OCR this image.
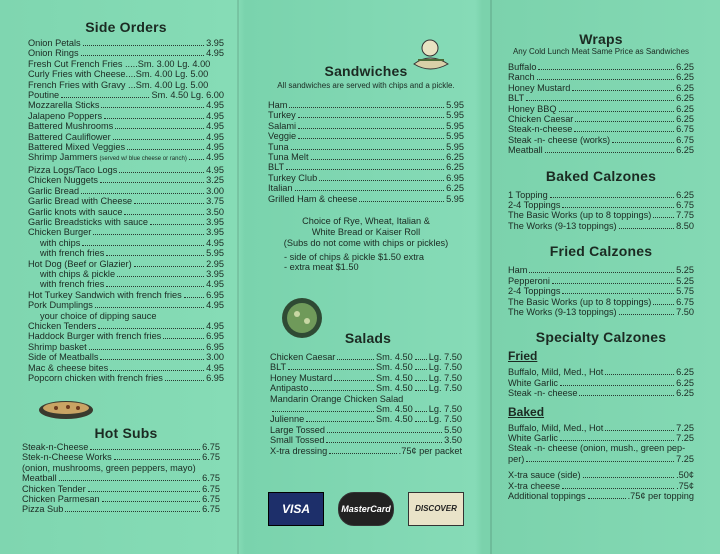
Side Orders
Onion Petals	3.95
Onion Rings	4.95
Fresh Cut French Fries .....Sm. 3.00 Lg. 4.00
Curly Fries with Cheese....Sm. 4.00 Lg. 5.00
French Fries with Gravy ...Sm. 4.00 Lg. 5.00
Poutine	Sm. 4.50 Lg. 6.00
Mozzarella Sticks	4.95
Jalapeno Poppers	4.95
Battered Mushrooms	4.95
Battered Cauliflower	4.95
Battered Mixed Veggies	4.95
Shrimp Jammers (served w/ blue cheese or ranch) 4.95
Pizza Logs/Taco Logs	4.95
Chicken Nuggets	3.25
Garlic Bread	3.00
Garlic Bread with Cheese	3.75
Garlic knots with sauce	3.50
Garlic Breadsticks with sauce	3.95
Chicken Burger	3.95
with chips	4.95
with french fries	5.95
Hot Dog (Beef or Glazier)	2.95
with chips & pickle	3.95
with french fries	4.95
Hot Turkey Sandwich with french fries	6.95
Pork Dumplings	4.95
your choice of dipping sauce
Chicken Tenders	4.95
Haddock Burger with french fries	6.95
Shrimp basket	6.95
Side of Meatballs	3.00
Mac & cheese bites	4.95
Popcorn chicken with french fries	6.95
Hot Subs
Steak-n-Cheese	6.75
Stek-n-Cheese Works	6.75
(onion, mushrooms, green peppers, mayo)
Meatball	6.75
Chicken Tender	6.75
Chicken Parmesan	6.75
Pizza Sub	6.75
Sandwiches
All sandwiches are served with chips and a pickle.
Ham	5.95
Turkey	5.95
Salami	5.95
Veggie	5.95
Tuna	5.95
Tuna Melt	6.25
BLT	6.25
Turkey Club	6.95
Italian	6.25
Grilled Ham & cheese	5.95
Choice of Rye, Wheat, Italian &
White Bread or Kaiser Roll
(Subs do not come with chips or pickles)
- side of chips & pickle $1.50 extra
- extra meat $1.50
Salads
Chicken Caesar	Sm. 4.50 Lg. 7.50
BLT	Sm. 4.50 Lg. 7.50
Honey Mustard	Sm. 4.50 Lg. 7.50
Antipasto	Sm. 4.50 Lg. 7.50
Mandarin Orange Chicken Salad
Sm. 4.50 Lg. 7.50
Julienne	Sm. 4.50 Lg. 7.50
Large Tossed	5.50
Small Tossed	3.50
X-tra dressing	.75¢ per packet
VISA	MasterCard	DISCOVER
Wraps
Any Cold Lunch Meat Same Price as Sandwiches
Buffalo	6.25
Ranch	6.25
Honey Mustard	6.25
BLT	6.25
Honey BBQ	6.25
Chicken Caesar	6.25
Steak-n-cheese	6.75
Steak -n- cheese (works)	6.75
Meatball	6.25
Baked Calzones
1 Topping	6.25
2-4 Toppings	6.75
The Basic Works (up to 8 toppings)	7.75
The Works (9-13 toppings)	8.50
Fried Calzones
Ham	5.25
Pepperoni	5.25
2-4 Toppings	5.75
The Basic Works (up to 8 toppings)	6.75
The Works (9-13 toppings)	7.50
Specialty Calzones
Fried
Buffalo, Mild, Med., Hot	6.25
White Garlic	6.25
Steak -n- cheese	6.25
Baked
Buffalo, Mild, Med., Hot	7.25
White Garlic	7.25
Steak -n- cheese (onion, mush., green pep-
per)	7.25
X-tra sauce (side)	.50¢
X-tra cheese	.75¢
Additional toppings	.75¢ per topping
